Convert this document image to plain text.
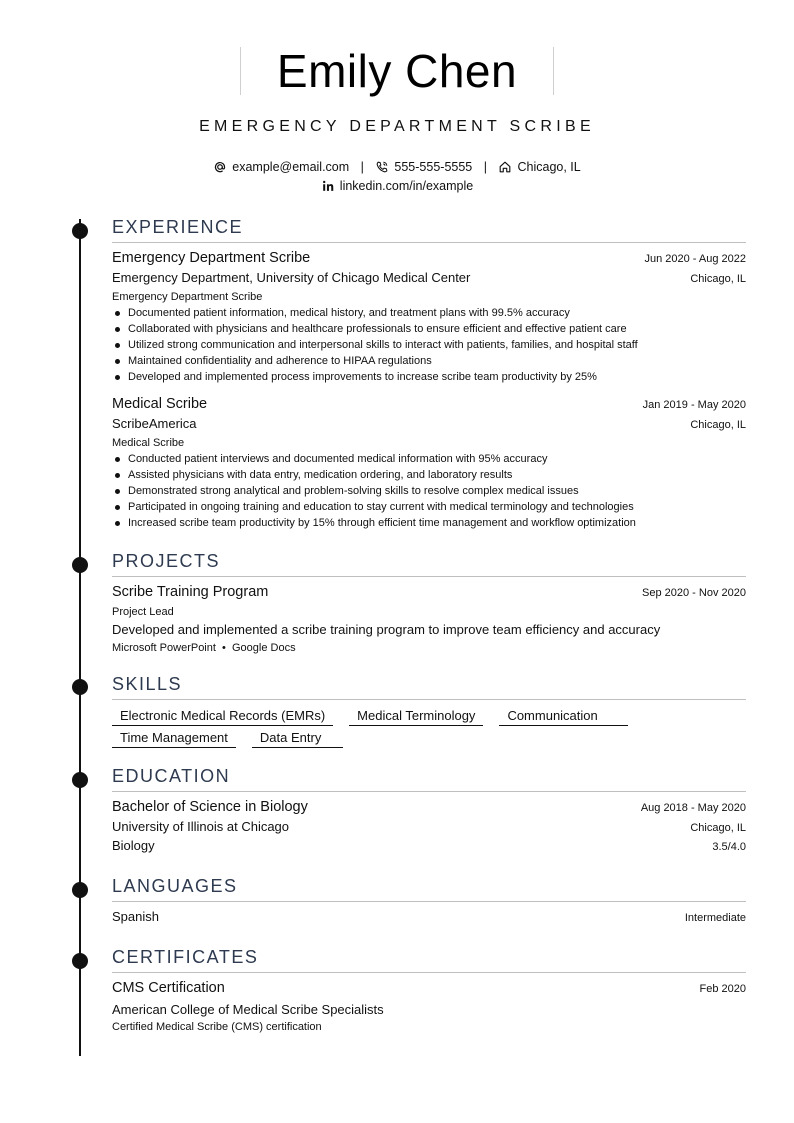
Emily Chen
EMERGENCY DEPARTMENT SCRIBE
example@email.com | 555-555-5555 | Chicago, IL
linkedin.com/in/example
EXPERIENCE
Emergency Department Scribe	Jun 2020 - Aug 2022
Emergency Department, University of Chicago Medical Center	Chicago, IL
Emergency Department Scribe
Documented patient information, medical history, and treatment plans with 99.5% accuracy
Collaborated with physicians and healthcare professionals to ensure efficient and effective patient care
Utilized strong communication and interpersonal skills to interact with patients, families, and hospital staff
Maintained confidentiality and adherence to HIPAA regulations
Developed and implemented process improvements to increase scribe team productivity by 25%
Medical Scribe	Jan 2019 - May 2020
ScribeAmerica	Chicago, IL
Medical Scribe
Conducted patient interviews and documented medical information with 95% accuracy
Assisted physicians with data entry, medication ordering, and laboratory results
Demonstrated strong analytical and problem-solving skills to resolve complex medical issues
Participated in ongoing training and education to stay current with medical terminology and technologies
Increased scribe team productivity by 15% through efficient time management and workflow optimization
PROJECTS
Scribe Training Program	Sep 2020 - Nov 2020
Project Lead
Developed and implemented a scribe training program to improve team efficiency and accuracy
Microsoft PowerPoint  •  Google Docs
SKILLS
Electronic Medical Records (EMRs)	Medical Terminology	Communication
Time Management	Data Entry
EDUCATION
Bachelor of Science in Biology	Aug 2018 - May 2020
University of Illinois at Chicago	Chicago, IL
Biology	3.5/4.0
LANGUAGES
Spanish	Intermediate
CERTIFICATES
CMS Certification	Feb 2020
American College of Medical Scribe Specialists
Certified Medical Scribe (CMS) certification
